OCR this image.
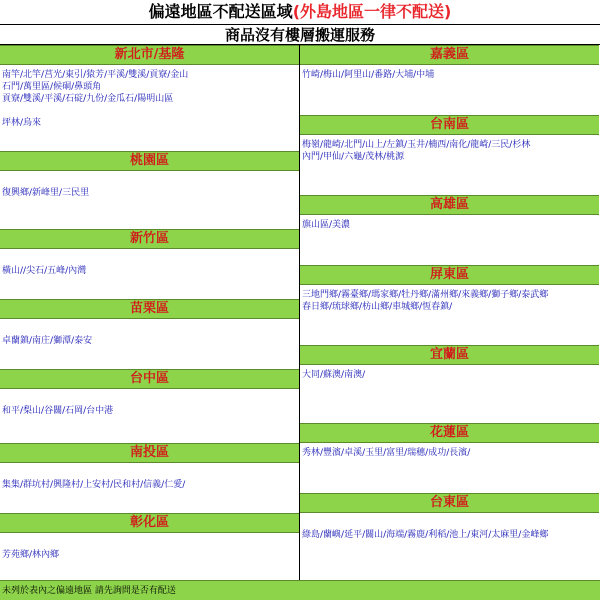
偏遠地區不配送區域(外島地區一律不配送)
商品沒有樓層搬運服務
新北市/基隆
南竿/北竿/莒光/東引/猿芳/平溪/雙溪/貢寮/金山
石門/萬里區/候硐/鼻頭角
貢寮/雙溪/平溪/石碇/九份/金瓜石/陽明山區

坪林/烏來
桃園區

復興鄉/新峰里/三民里
新竹區

橫山//尖石/五峰/內灣
苗栗區

卓蘭鎮/南庄/獅潭/泰安
台中區

和平/梨山/谷關/石岡/台中港
南投區

集集/群坑村/興隆村/上安村/民和村/信義/仁愛/
彰化區

芳苑鄉/林內鄉
嘉義區
竹崎/梅山/阿里山/番路/大埔/中埔
台南區
梅嶺/龍崎/北門/山上/左鎮/玉井/楠西/南化/龍崎/三民/杉林
內門/甲仙/六龜/茂林/桃源
高雄區
旗山區/美濃
屏東區
三地門鄉/霧臺鄉/瑪家鄉/牡丹鄉/滿州鄉/來義鄉/獅子鄉/泰武鄉
春日鄉/琉球鄉/枋山鄉/車城鄉/恆春鎮/
宜蘭區
大同/蘇澳/南澳/
花蓮區
秀林/豐濱/卓溪/玉里/富里/瑞穗/成功/長濱/
台東區

綠島/蘭嶼/延平/關山/海端/霧鹿/利稻/池上/東河/太麻里/金峰鄉
未列於表內之偏遠地區 請先詢問是否有配送
